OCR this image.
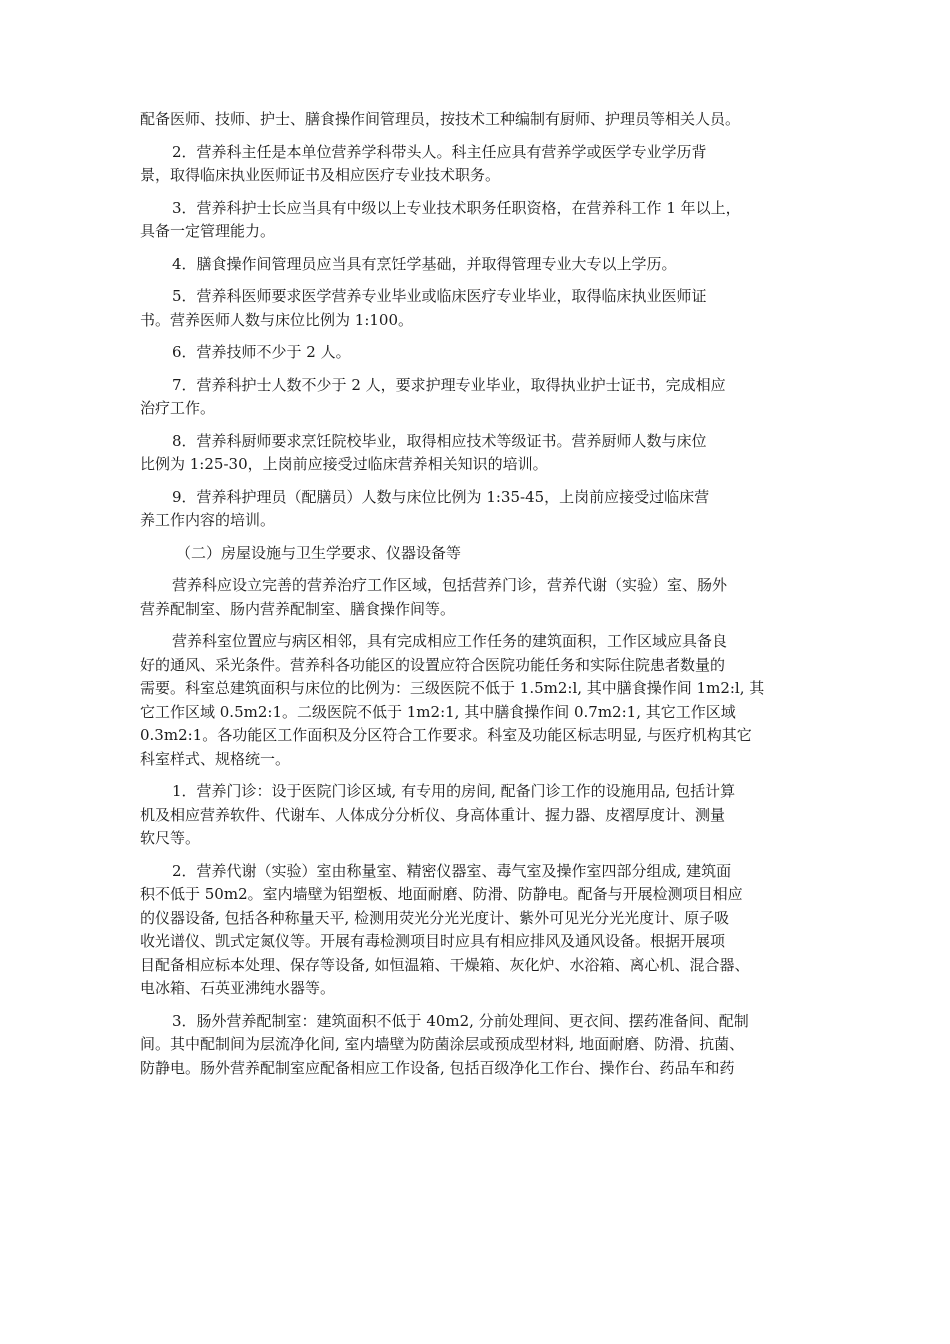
配备医师、技师、护士、膳食操作间管理员，按技术工种编制有厨师、护理员等相关人员。
2．营养科主任是本单位营养学科带头人。科主任应具有营养学或医学专业学历背
景，取得临床执业医师证书及相应医疗专业技术职务。
3．营养科护士长应当具有中级以上专业技术职务任职资格，在营养科工作 1 年以上，
具备一定管理能力。
4．膳食操作间管理员应当具有烹饪学基础，并取得管理专业大专以上学历。
5．营养科医师要求医学营养专业毕业或临床医疗专业毕业，取得临床执业医师证
书。营养医师人数与床位比例为 1:100。
6．营养技师不少于 2 人。
7．营养科护士人数不少于 2 人，要求护理专业毕业，取得执业护士证书，完成相应
治疗工作。
8．营养科厨师要求烹饪院校毕业，取得相应技术等级证书。营养厨师人数与床位
比例为 1:25-30，上岗前应接受过临床营养相关知识的培训。
9．营养科护理员（配膳员）人数与床位比例为 1:35-45，上岗前应接受过临床营
养工作内容的培训。
（二）房屋设施与卫生学要求、仪器设备等
营养科应设立完善的营养治疗工作区域，包括营养门诊，营养代谢（实验）室、肠外
营养配制室、肠内营养配制室、膳食操作间等。
营养科室位置应与病区相邻，具有完成相应工作任务的建筑面积，工作区域应具备良
好的通风、采光条件。营养科各功能区的设置应符合医院功能任务和实际住院患者数量的
需要。科室总建筑面积与床位的比例为：三级医院不低于 1.5m2:l, 其中膳食操作间 1m2:l, 其
它工作区域 0.5m2:1。二级医院不低于 1m2:1, 其中膳食操作间 0.7m2:1, 其它工作区域
0.3m2:1。各功能区工作面积及分区符合工作要求。科室及功能区标志明显, 与医疗机构其它
科室样式、规格统一。
1．营养门诊：设于医院门诊区域, 有专用的房间, 配备门诊工作的设施用品, 包括计算
机及相应营养软件、代谢车、人体成分分析仪、身高体重计、握力器、皮褶厚度计、测量
软尺等。
2．营养代谢（实验）室由称量室、精密仪器室、毒气室及操作室四部分组成, 建筑面
积不低于 50m2。室内墙壁为铝塑板、地面耐磨、防滑、防静电。配备与开展检测项目相应
的仪器设备, 包括各种称量天平, 检测用荧光分光光度计、紫外可见光分光光度计、原子吸
收光谱仪、凯式定氮仪等。开展有毒检测项目时应具有相应排风及通风设备。根据开展项
目配备相应标本处理、保存等设备, 如恒温箱、干燥箱、灰化炉、水浴箱、离心机、混合器、
电冰箱、石英亚沸纯水器等。
3．肠外营养配制室：建筑面积不低于 40m2, 分前处理间、更衣间、摆药准备间、配制
间。其中配制间为层流净化间, 室内墙壁为防菌涂层或预成型材料, 地面耐磨、防滑、抗菌、
防静电。肠外营养配制室应配备相应工作设备, 包括百级净化工作台、操作台、药品车和药
